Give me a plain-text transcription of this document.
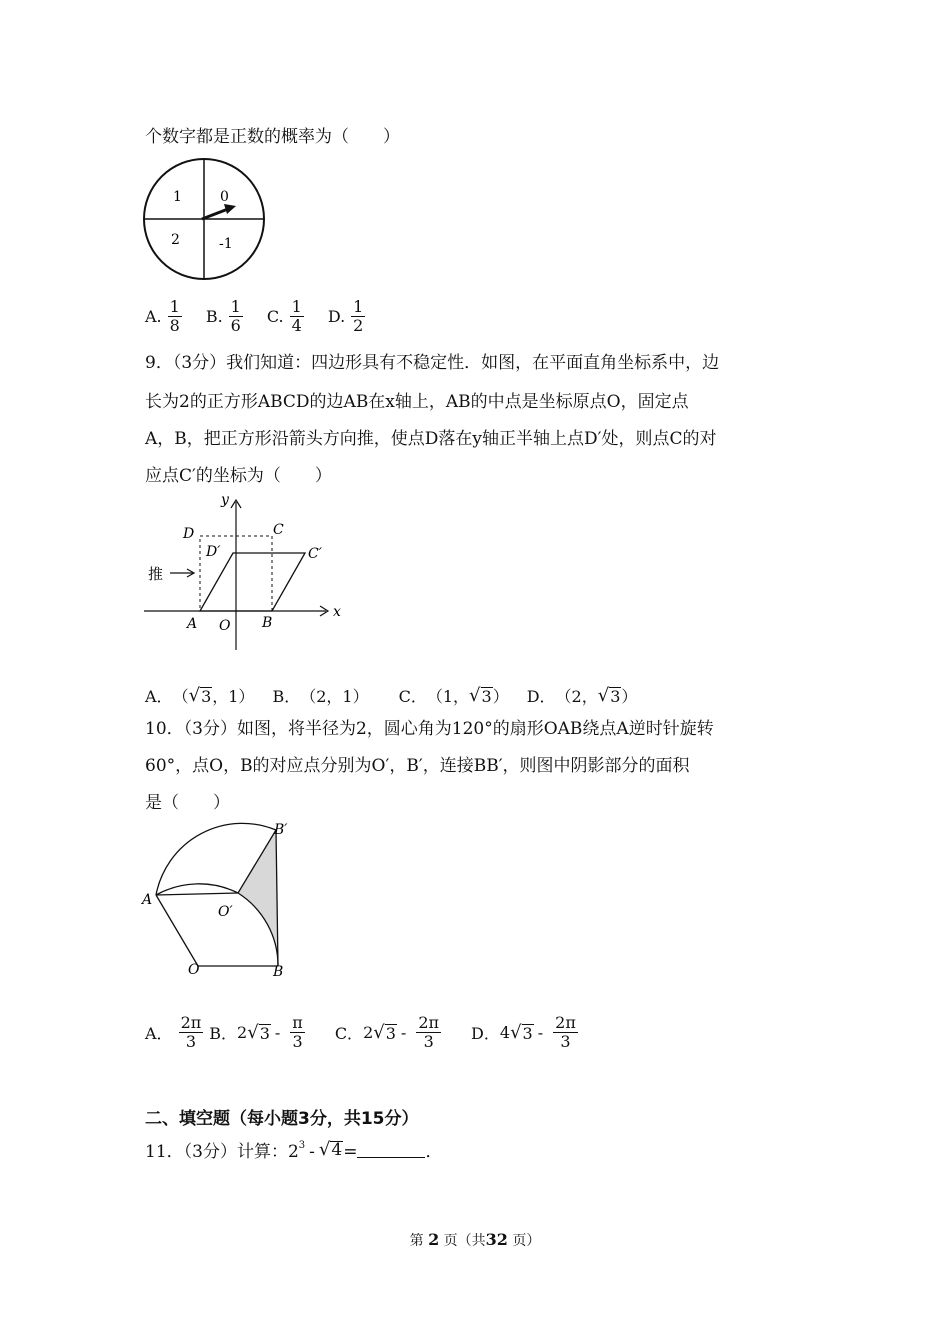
个数字都是正数的概率为（　　）
1	0
2	-1
A. $\frac{1}{8} B$. $\frac{1}{6} C$. $\frac{1}{4} D$. $\frac{1}{2}$
9．（3分）我们知道：四边形具有不稳定性．如图，在平面直角坐标系中，边
长为2的正方形ABCD的边AB在x轴上，AB的中点是坐标原点O，固定点
A，B，把正方形沿箭头方向推，使点D落在y轴正半轴上点D′处，则点C的对
应点C′的坐标为（　　）
y
x
D	C
D′	C′
推
A O B
A． （ √ 3 ，1） B． （2，1） C． （1， √ 3 ） D． （2， √ 3 ）
10．（3分）如图，将半径为2，圆心角为120°的扇形OAB绕点A逆时针旋转
60°，点O，B的对应点分别为O′，B′，连接BB′，则图中阴影部分的面积
是（　　）
B′
A
O′
O	B
A． $\frac{2\pi}{3}$ B． 2 √ $3 - \frac{\pi}{3}$ C． 2 √ $3 - \frac{2\pi}{3}$ D． 4 √ $3 - \frac{2\pi}{3}$
二、填空题（每小题3分，共15分）
11．（3分）计算：$2^3$ - √ 4 =	．
第 2 页（共32 页）
